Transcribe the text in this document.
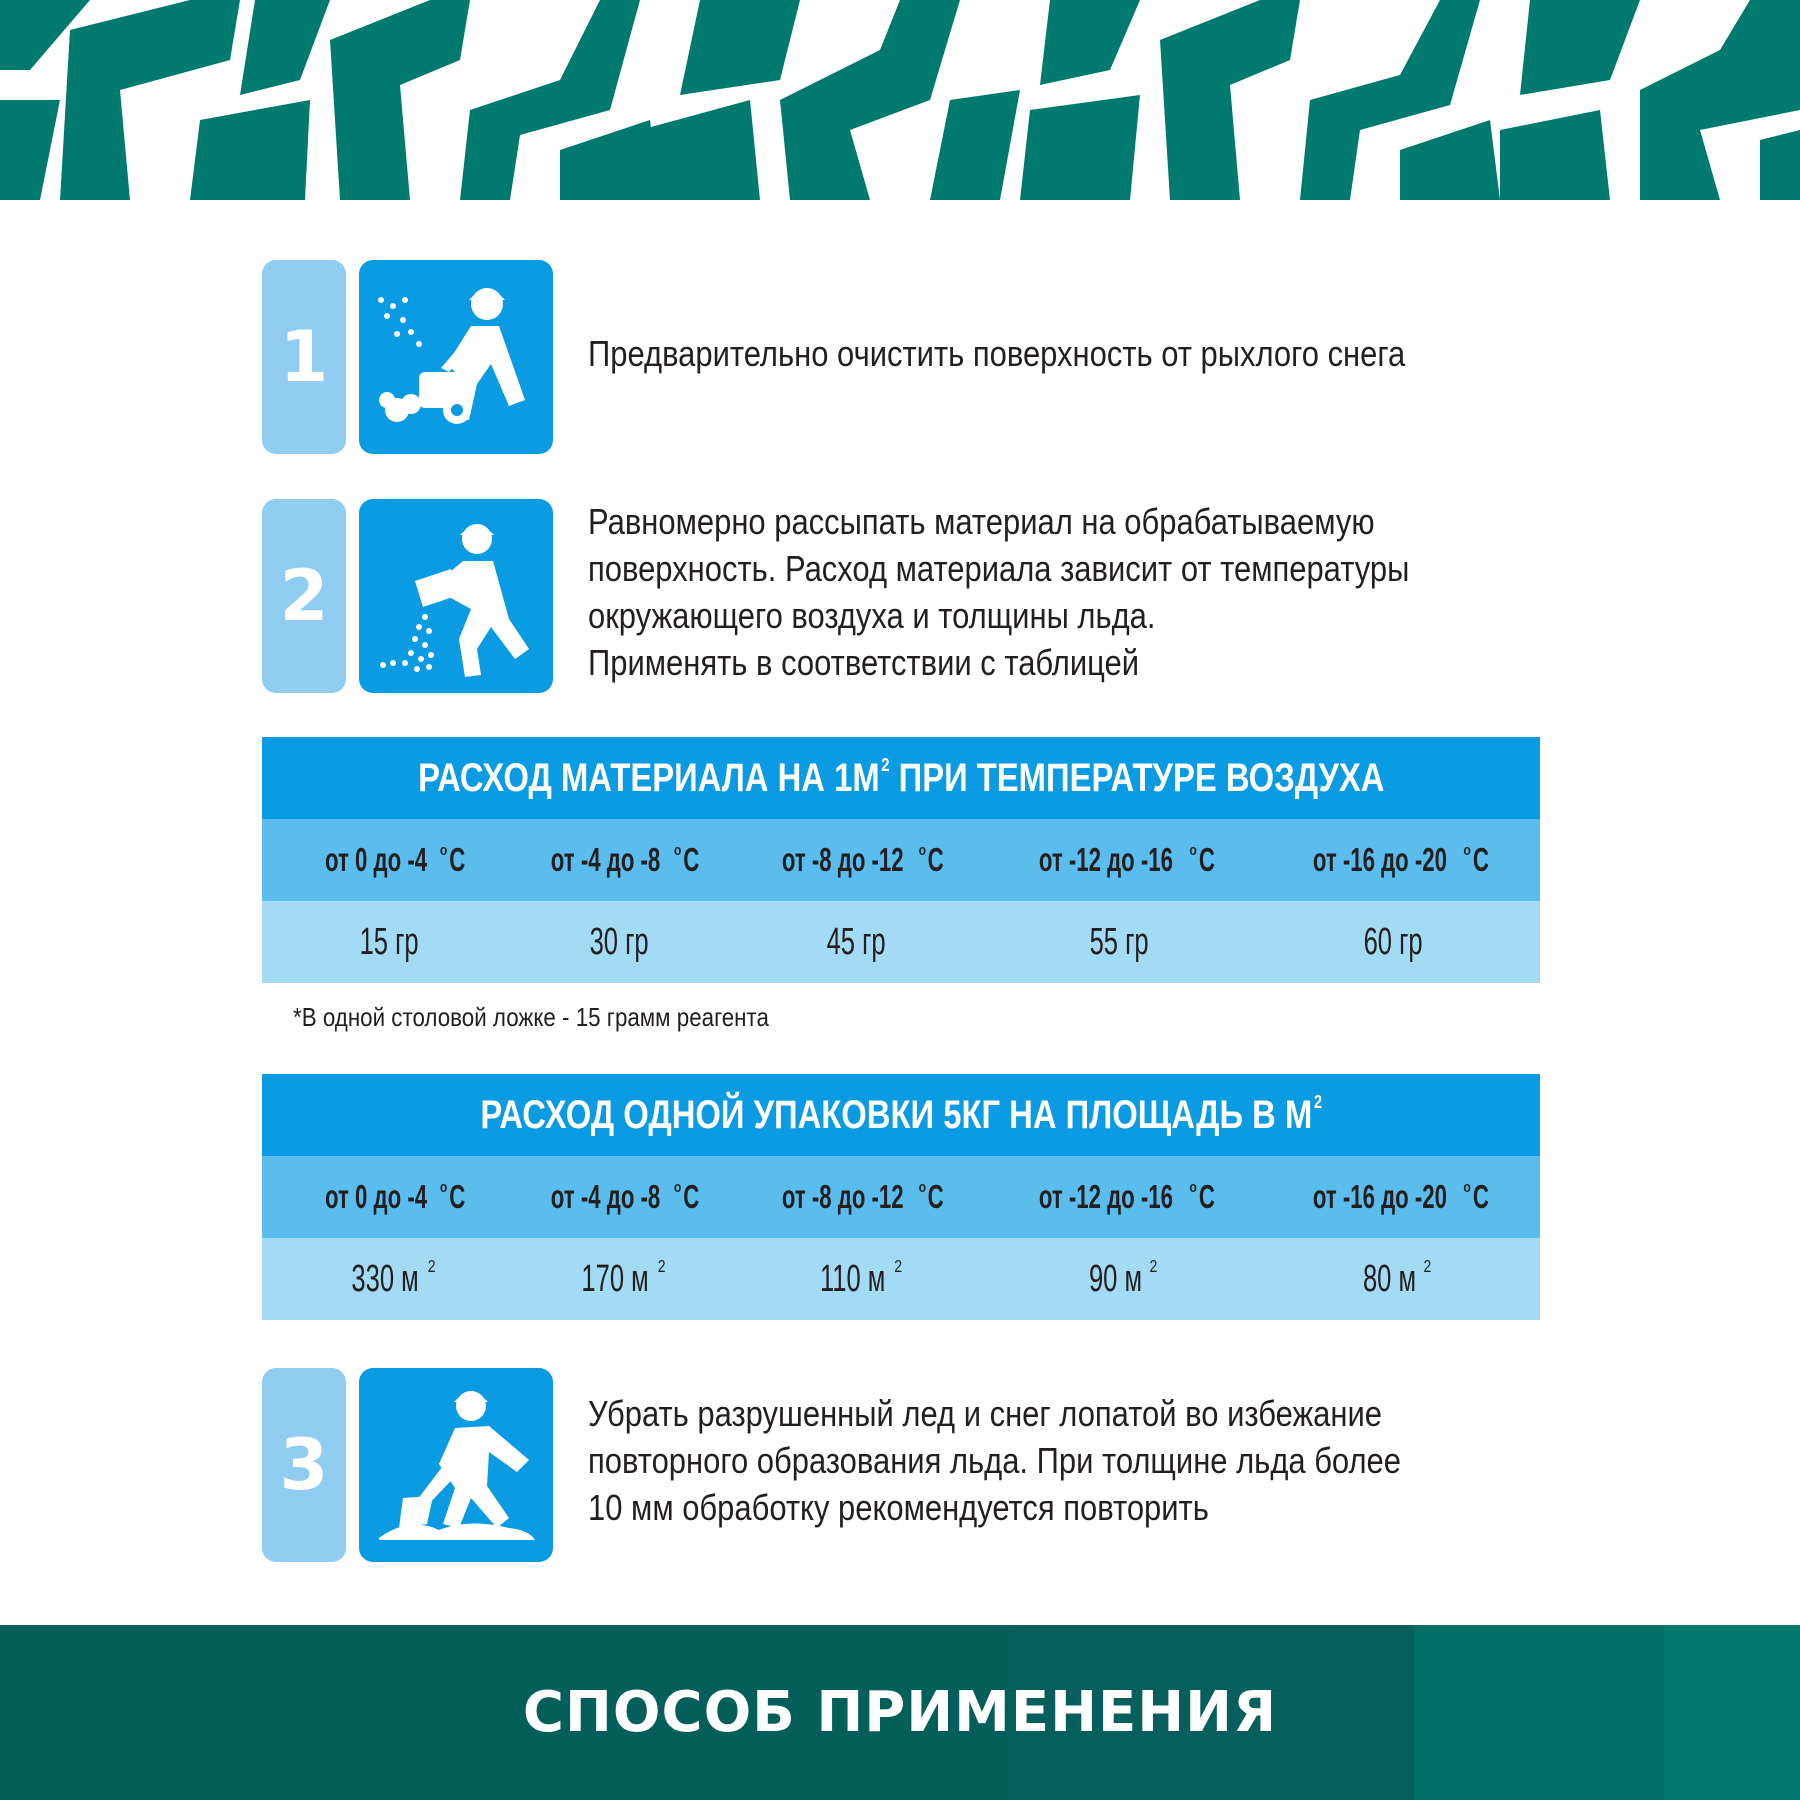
1	Предварительно очистить поверхность от рыхлого снега
2
Равномерно рассыпать материал на обрабатываемую
поверхность. Расход материала зависит от температуры
окружающего воздуха и толщины льда.
Применять в соответствии с таблицей
РАСХОД МАТЕРИАЛА НА $1М^2$ ПРИ ТЕМПЕРАТУРЕ ВОЗДУХА
от 0 до -4 $^о$С	от -4 до -8 $^о$С	от -8 до -12 $^о$С	от -12 до -16 $^о$С	от -16 до -20 $^о$С
15 гр	30 гр	45 гр	55 гр	60 гр
*В одной столовой ложке - 15 грамм реагента
РАСХОД ОДНОЙ УПАКОВКИ 5КГ НА ПЛОЩАДЬ В $М^2$
от 0 до -4 $^о$С	от -4 до -8 $^о$С	от -8 до -12 $^о$С	от -12 до -16 $^о$С	от -16 до -20 $^о$С
330 м $^2$	170 м $^2$	110 м $^2$	90 м $^2$	80 м $^2$
3
Убрать разрушенный лед и снег лопатой во избежание
повторного образования льда. При толщине льда более
10 мм обработку рекомендуется повторить
СПОСОБ ПРИМЕНЕНИЯ
